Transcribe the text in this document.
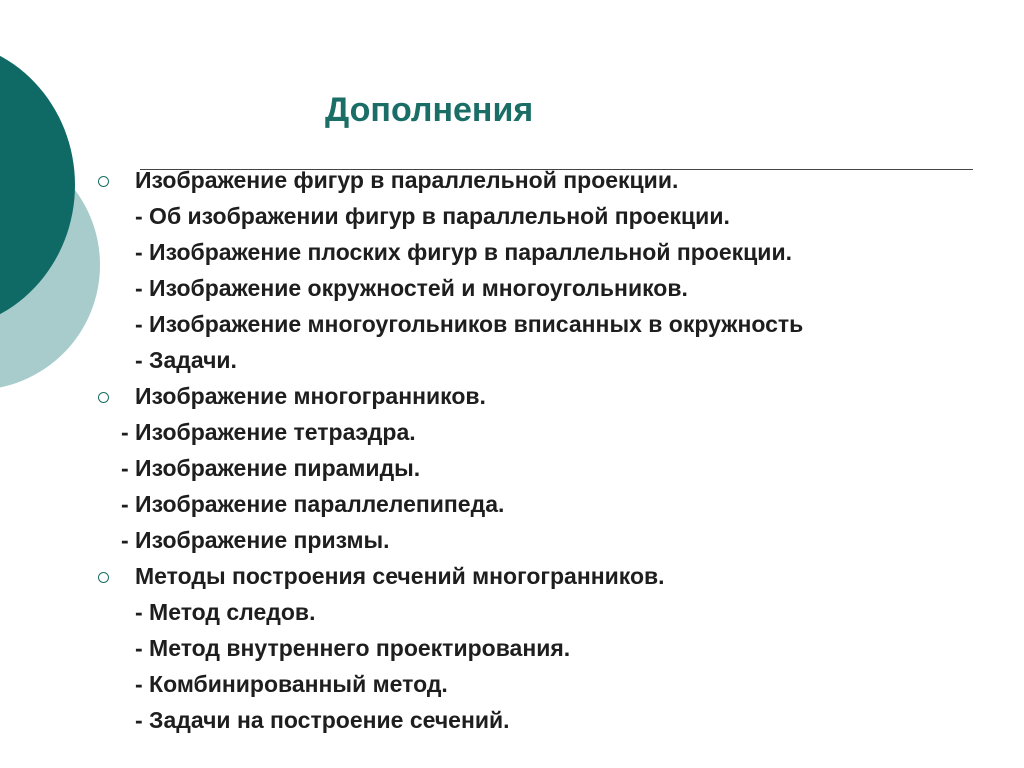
Дополнения
Изображение фигур в параллельной проекции.
- Об изображении фигур в параллельной проекции.
- Изображение плоских фигур в параллельной проекции.
- Изображение окружностей и многоугольников.
- Изображение многоугольников вписанных в окружность
- Задачи.
Изображение многогранников.
- Изображение тетраэдра.
- Изображение пирамиды.
- Изображение параллелепипеда.
- Изображение призмы.
Методы построения сечений многогранников.
- Метод следов.
- Метод внутреннего проектирования.
- Комбинированный метод.
- Задачи на построение сечений.
